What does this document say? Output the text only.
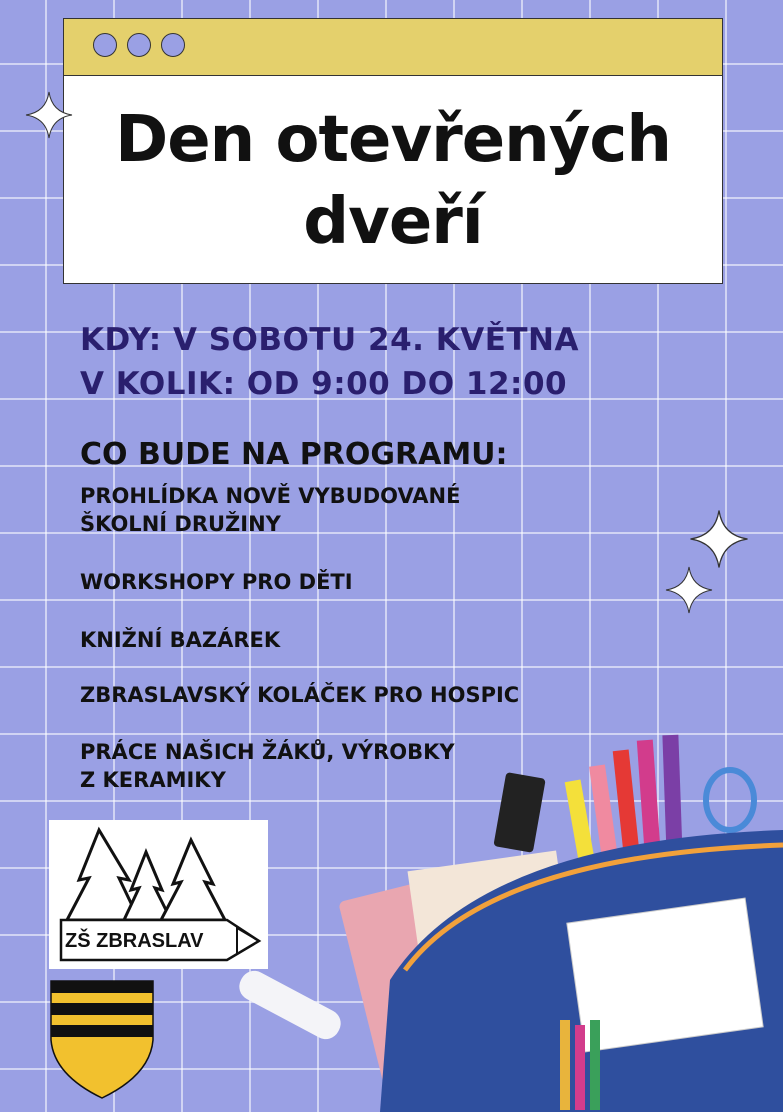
Den otevřených
dveří
KDY: V SOBOTU 24. KVĚTNA
V KOLIK: OD 9:00 DO 12:00
CO BUDE NA PROGRAMU:
PROHLÍDKA NOVĚ VYBUDOVANÉ
ŠKOLNÍ DRUŽINY
WORKSHOPY PRO DĚTI
KNIŽNÍ BAZÁREK
ZBRASLAVSKÝ KOLÁČEK PRO HOSPIC
PRÁCE NAŠICH ŽÁKŮ, VÝROBKY
Z KERAMIKY
ZŠ ZBRASLAV
